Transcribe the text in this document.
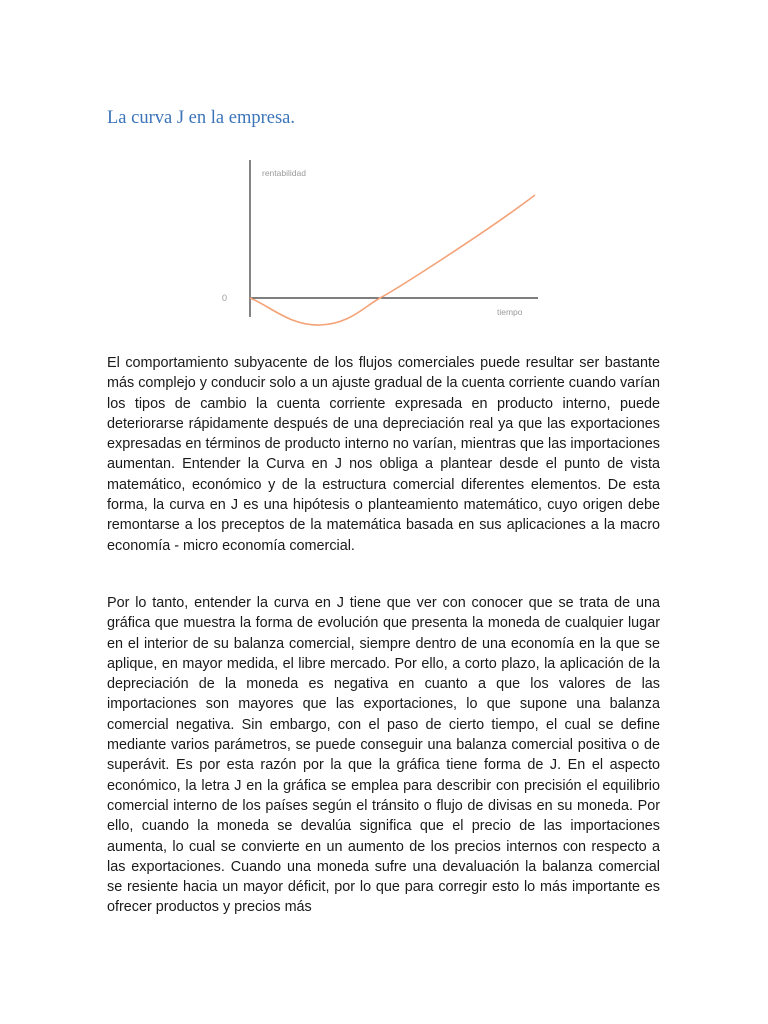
La curva J en la empresa.
rentabilidad
tiempo
0

El comportamiento subyacente de los flujos comerciales puede resultar ser bastante más complejo y conducir solo a un ajuste gradual de la cuenta corriente cuando varían los tipos de cambio la cuenta corriente expresada en producto interno, puede deteriorarse rápidamente después de una depreciación real ya que las exportaciones expresadas en términos de producto interno no varían, mientras que las importaciones aumentan. Entender la Curva en J nos obliga a plantear desde el punto de vista matemático, económico y de la estructura comercial diferentes elementos. De esta forma, la curva en J es una hipótesis o planteamiento matemático, cuyo origen debe remontarse a los preceptos de la matemática basada en sus aplicaciones a la macro economía - micro economía comercial.

Por lo tanto, entender la curva en J tiene que ver con conocer que se trata de una gráfica que muestra la forma de evolución que presenta la moneda de cualquier lugar en el interior de su balanza comercial, siempre dentro de una economía en la que se aplique, en mayor medida, el libre mercado. Por ello, a corto plazo, la aplicación de la depreciación de la moneda es negativa en cuanto a que los valores de las importaciones son mayores que las exportaciones, lo que supone una balanza comercial negativa. Sin embargo, con el paso de cierto tiempo, el cual se define mediante varios parámetros, se puede conseguir una balanza comercial positiva o de superávit. Es por esta razón por la que la gráfica tiene forma de J. En el aspecto económico, la letra J en la gráfica se emplea para describir con precisión el equilibrio comercial interno de los países según el tránsito o flujo de divisas en su moneda. Por ello, cuando la moneda se devalúa significa que el precio de las importaciones aumenta, lo cual se convierte en un aumento de los precios internos con respecto a las exportaciones. Cuando una moneda sufre una devaluación la balanza comercial se resiente hacia un mayor déficit, por lo que para corregir esto lo más importante es ofrecer productos y precios más
